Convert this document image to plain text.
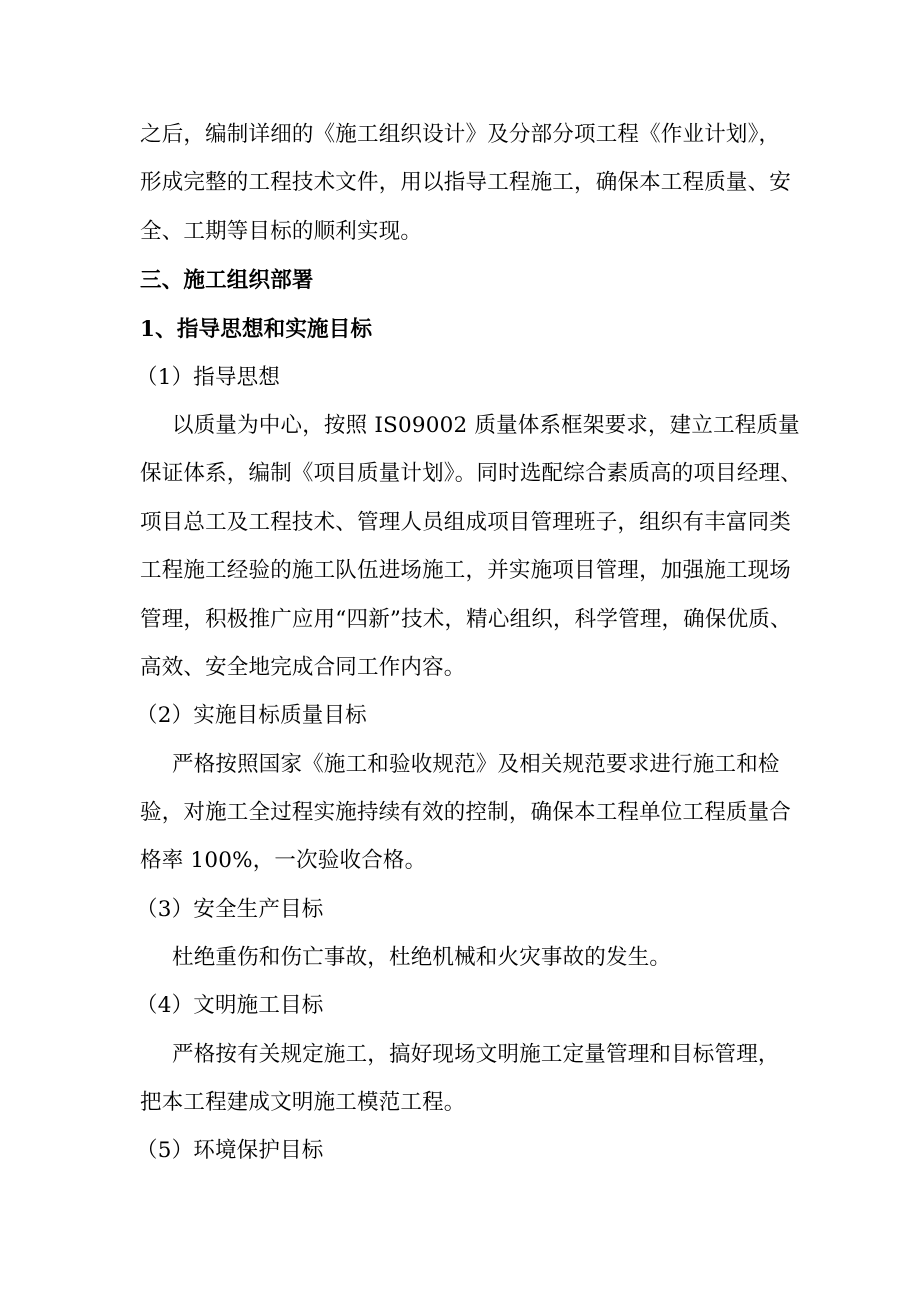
之后，编制详细的《施工组织设计》及分部分项工程《作业计划》，
形成完整的工程技术文件，用以指导工程施工，确保本工程质量、安
全、工期等目标的顺利实现。
三、施工组织部署
1、指导思想和实施目标
（1）指导思想
以质量为中心，按照 IS09002 质量体系框架要求，建立工程质量
保证体系，编制《项目质量计划》。同时选配综合素质高的项目经理、
项目总工及工程技术、管理人员组成项目管理班子，组织有丰富同类
工程施工经验的施工队伍进场施工，并实施项目管理，加强施工现场
管理，积极推广应用“四新”技术，精心组织，科学管理，确保优质、
高效、安全地完成合同工作内容。
（2）实施目标质量目标
严格按照国家《施工和验收规范》及相关规范要求进行施工和检
验，对施工全过程实施持续有效的控制，确保本工程单位工程质量合
格率 100%，一次验收合格。
（3）安全生产目标
杜绝重伤和伤亡事故，杜绝机械和火灾事故的发生。
（4）文明施工目标
严格按有关规定施工，搞好现场文明施工定量管理和目标管理，
把本工程建成文明施工模范工程。
（5）环境保护目标
